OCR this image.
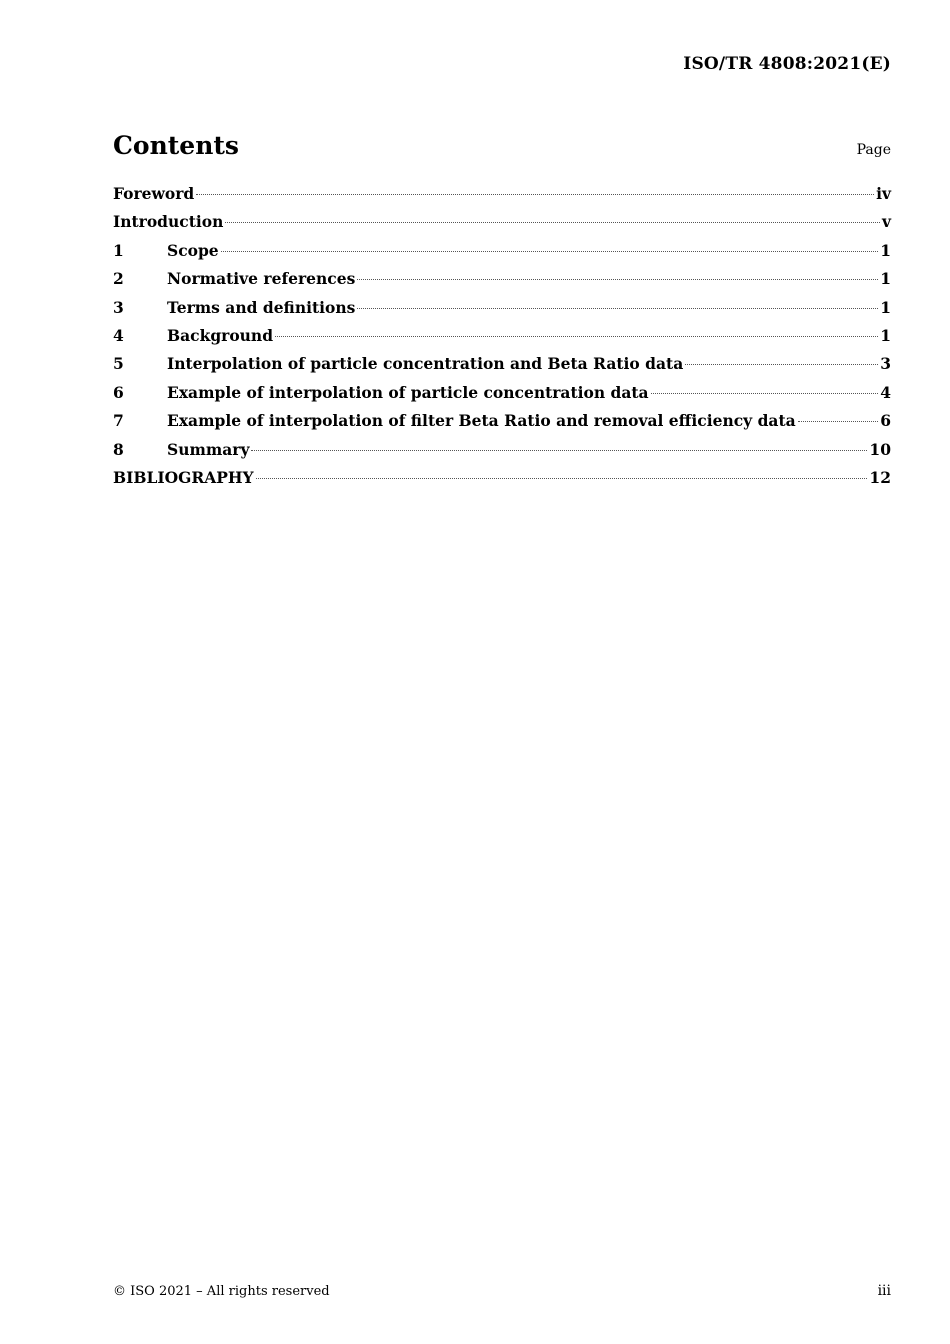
ISO/TR 4808:2021(E)
Contents	Page
Foreword	iv
Introduction	v
1	Scope	1
2	Normative references	1
3	Terms and definitions	1
4	Background	1
5	Interpolation of particle concentration and Beta Ratio data	3
6	Example of interpolation of particle concentration data	4
7	Example of interpolation of filter Beta Ratio and removal efficiency data	6
8	Summary	10
BIBLIOGRAPHY	12
© ISO 2021 – All rights reserved	iii
